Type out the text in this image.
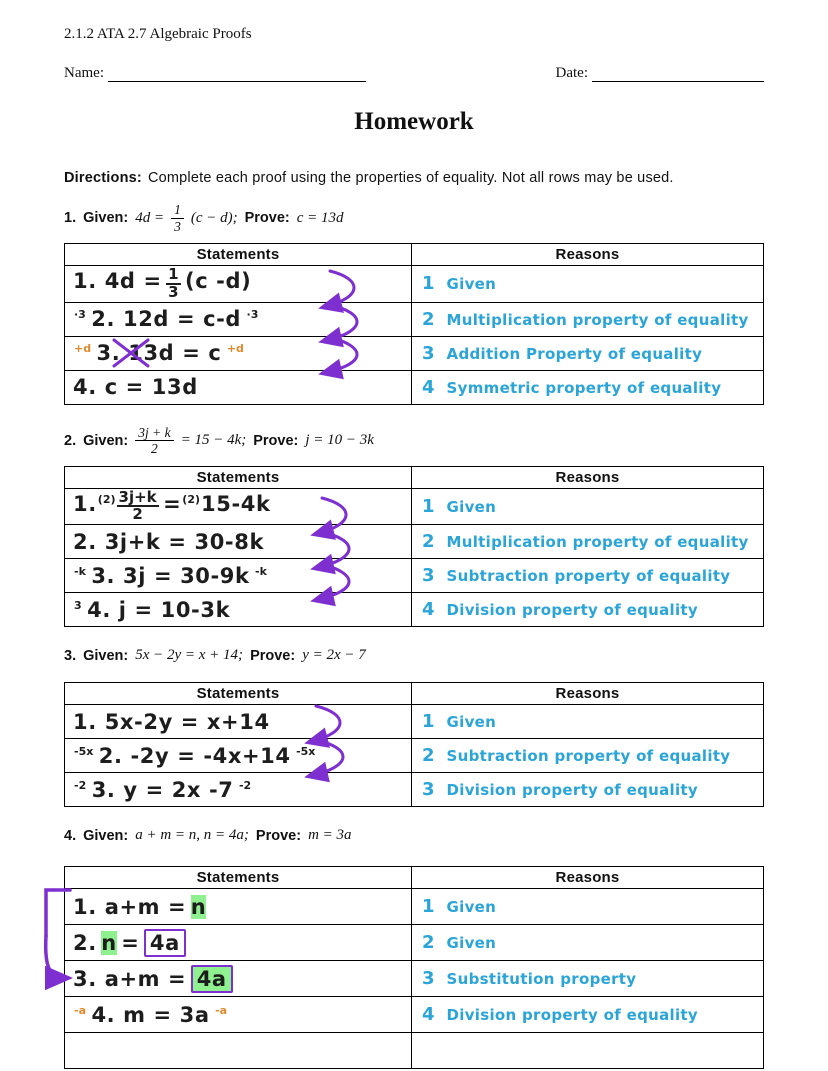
2.1.2 ATA 2.7 Algebraic Proofs
Name:	Date:
Homework
Directions: Complete each proof using the properties of equality. Not all rows may be used.
1. Given: $4d = \frac{1}{3} (c - d)$; Prove: c = 13d
Statements	Reasons
1. $4d = \frac{1}{3} (c$ -d)	1 Given
$^{\cdot 3}$ 2. 12d = c-d $^{\cdot 3}$	2 Multiplication property of equality
$^{+d}$ 3. 13d = c $^{+d}$	3 Addition Property of equality
4. c = 13d	4 Symmetric property of equality
2. Given: $\frac{3j + k}{2} = 15 - 4k$; Prove: j = 10 − 3k
Statements	Reasons
$1.^{(2)} \frac{3j+k}{2} =^{(2)}15-4k$	1 Given
2. 3j+k = 30-8k	2 Multiplication property of equality
$^{-k}$ 3. 3j = 30-9k $^{-k}$	3 Subtraction property of equality
$^3$ 4. j = 10-3k	4 Division property of equality
3. Given: 5x − 2y = x + 14; Prove: y = 2x − 7
Statements	Reasons
1. 5x-2y = x+14	1 Given
$^{-5x}$ 2. -2y = -4x+14 $^{-5x}$	2 Subtraction property of equality
$^{-2}$ 3. y = 2x -7 $^{-2}$	3 Division property of equality
4. Given: a + m = n, n = 4a; Prove: m = 3a
Statements	Reasons
1. a+m = n	1 Given
2. n = 4a	2 Given
3. a+m = 4a	3 Substitution property
$^{-a}$ 4. m = 3a $^{-a}$	4 Division property of equality
